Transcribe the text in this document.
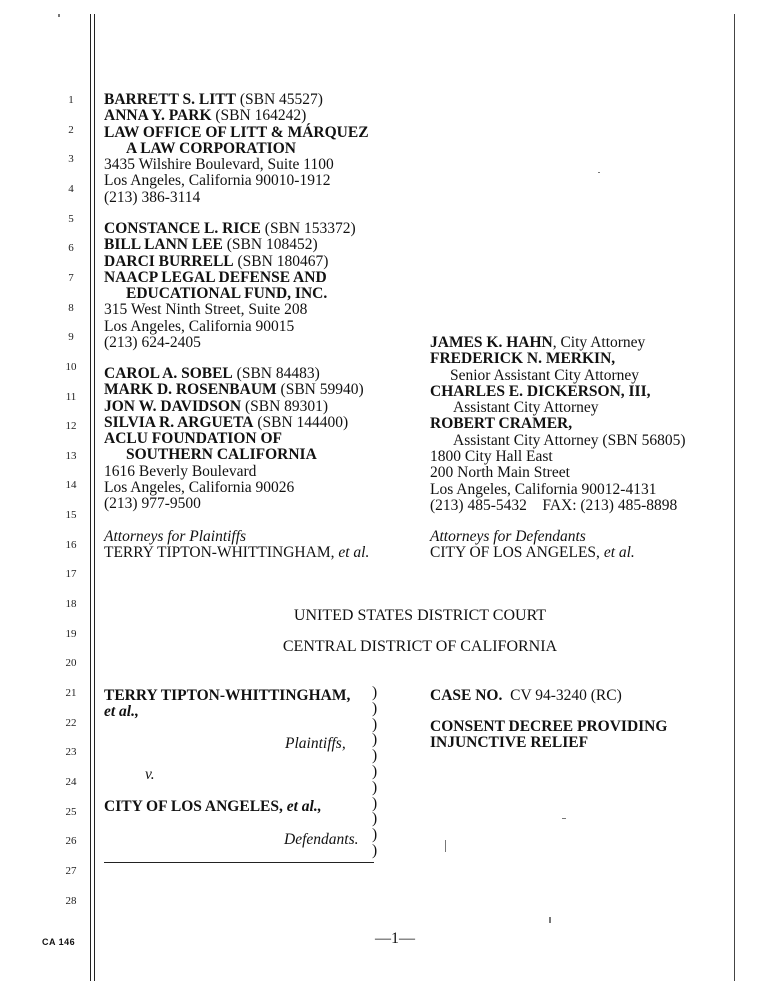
1
2
3
4
5
6
7
8
9
10
11
12
13
14
15
16
17
18
19
20
21
22
23
24
25
26
27
28
BARRETT S. LITT (SBN 45527)
ANNA Y. PARK (SBN 164242)
LAW OFFICE OF LITT & MÁRQUEZ
A LAW CORPORATION
3435 Wilshire Boulevard, Suite 1100
Los Angeles, California 90010-1912
(213) 386-3114
CONSTANCE L. RICE (SBN 153372)
BILL LANN LEE (SBN 108452)
DARCI BURRELL (SBN 180467)
NAACP LEGAL DEFENSE AND
EDUCATIONAL FUND, INC.
315 West Ninth Street, Suite 208
Los Angeles, California 90015
(213) 624-2405
CAROL A. SOBEL (SBN 84483)
MARK D. ROSENBAUM (SBN 59940)
JON W. DAVIDSON (SBN 89301)
SILVIA R. ARGUETA (SBN 144400)
ACLU FOUNDATION OF
SOUTHERN CALIFORNIA
1616 Beverly Boulevard
Los Angeles, California 90026
(213) 977-9500
Attorneys for Plaintiffs
TERRY TIPTON-WHITTINGHAM, et al.
JAMES K. HAHN, City Attorney
FREDERICK N. MERKIN,
Senior Assistant City Attorney
CHARLES E. DICKERSON, III,
Assistant City Attorney
ROBERT CRAMER,
Assistant City Attorney (SBN 56805)
1800 City Hall East
200 North Main Street
Los Angeles, California 90012-4131
(213) 485-5432    FAX: (213) 485-8898
Attorneys for Defendants
CITY OF LOS ANGELES, et al.
UNITED STATES DISTRICT COURT
CENTRAL DISTRICT OF CALIFORNIA
TERRY TIPTON-WHITTINGHAM,
et al.,
Plaintiffs,
v.
CITY OF LOS ANGELES, et al.,
Defendants.
)
)
)
)
)
)
)
)
)
)
)
CASE NO.  CV 94-3240 (RC)
CONSENT DECREE PROVIDING
INJUNCTIVE RELIEF
—1—
CA 146
